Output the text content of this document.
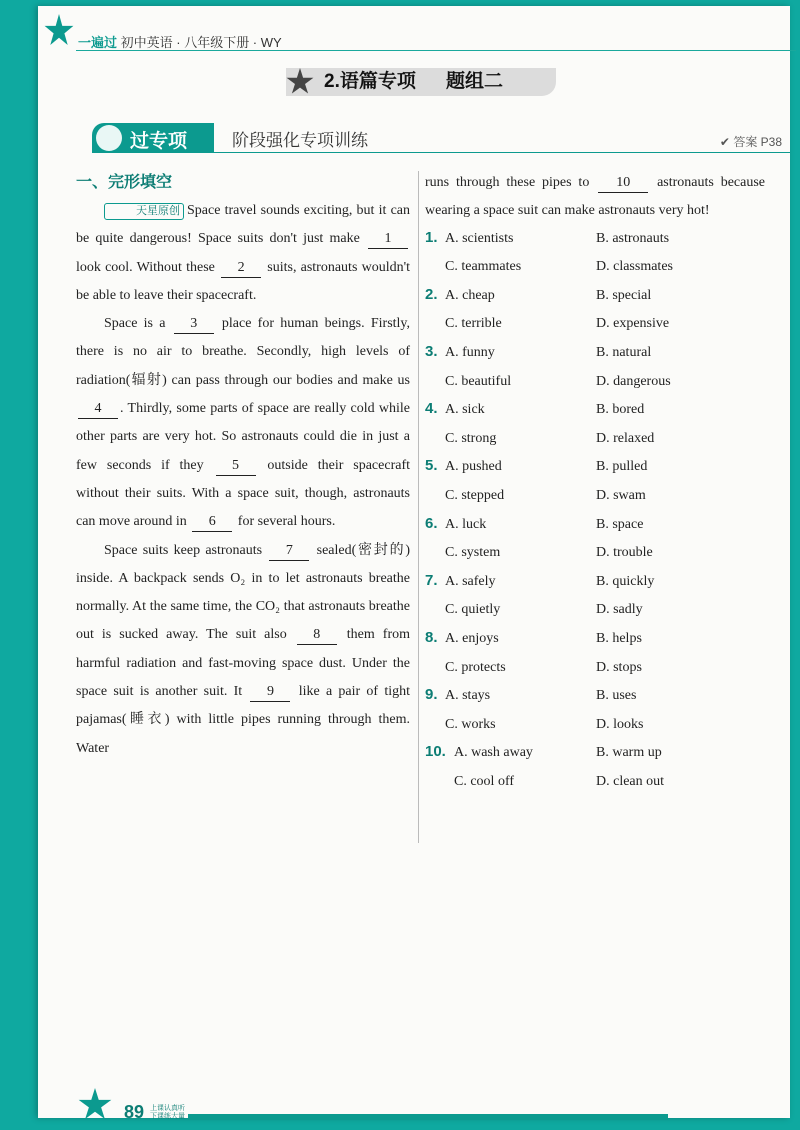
一遍过 初中英语 · 八年级下册 · WY
2.语篇专项 题组二
过专项	阶段强化专项训练	✔ 答案 P38
一、完形填空

天星原创 Space travel sounds exciting, but it can be quite dangerous! Space suits don't just make 1 look cool. Without these 2 suits, astronauts wouldn't be able to leave their spacecraft.

Space is a 3 place for human beings. Firstly, there is no air to breathe. Secondly, high levels of radiation(辐射) can pass through our bodies and make us 4 . Thirdly, some parts of space are really cold while other parts are very hot. So astronauts could die in just a few seconds if they 5 outside their spacecraft without their suits. With a space suit, though, astronauts can move around in 6 for several hours.

Space suits keep astronauts 7 sealed(密封的) inside. A backpack sends O₂ in to let astronauts breathe normally. At the same time, the CO₂ that astronauts breathe out is sucked away. The suit also 8 them from harmful radiation and fast-moving space dust. Under the space suit is another suit. It 9 like a pair of tight pajamas(睡衣) with little pipes running through them. Water

runs through these pipes to 10 astronauts because wearing a space suit can make astronauts very hot!

1. A. scientists	B. astronauts
C. teammates	D. classmates
2. A. cheap	B. special
C. terrible	D. expensive
3. A. funny	B. natural
C. beautiful	D. dangerous
4. A. sick	B. bored
C. strong	D. relaxed
5. A. pushed	B. pulled
C. stepped	D. swam
6. A. luck	B. space
C. system	D. trouble
7. A. safely	B. quickly
C. quietly	D. sadly
8. A. enjoys	B. helps
C. protects	D. stops
9. A. stays	B. uses
C. works	D. looks
10. A. wash away	B. warm up
C. cool off	D. clean out
89 上课认真听
下课练大量
